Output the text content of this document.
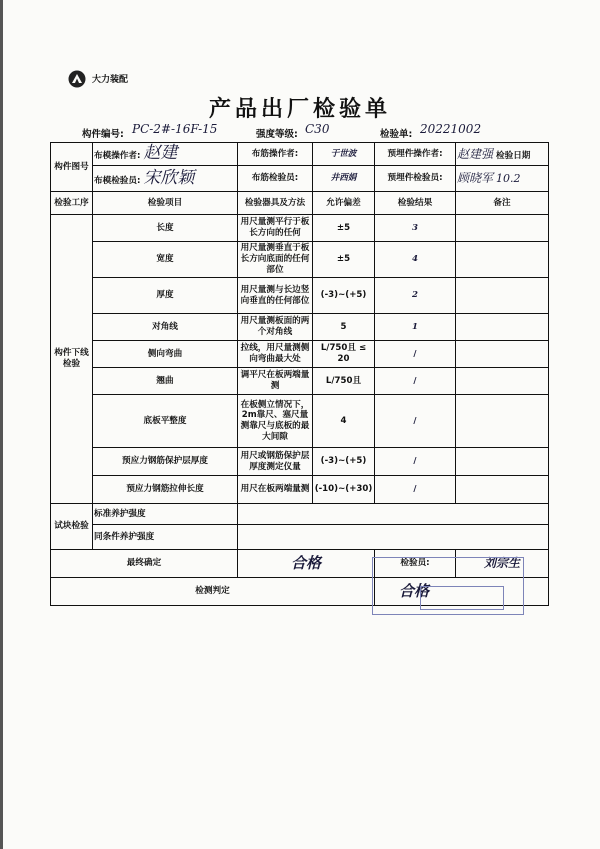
大力装配
产品出厂检验单
构件编号: PC-2#-16F-15	强度等级: C30	检验单: 20221002
构件图号	布模操作者: 赵建	布筋操作者:	于世波	预埋件操作者:	赵建强 检验日期
	布模检验员: 宋欣颖	布筋检验员:	井西娟	预埋件检验员:	顾晓军 10.2
检验工序	检验项目	检验器具及方法	允许偏差	检验结果	备注
构件下线检验	长度	用尺量测平行于板长方向的任何	±5	3	
	宽度	用尺量测垂直于板长方向底面的任何部位	±5	4	
	厚度	用尺量测与长边竖向垂直的任何部位	(-3)~(+5)	2	
	对角线	用尺量测板面的两个对角线	5	1	
	侧向弯曲	拉线，用尺量测侧向弯曲最大处	L/750且 ≤ 20	/	
	翘曲	调平尺在板两端量测	L/750且	/	
	底板平整度	在板侧立情况下，2m靠尺、塞尺量测靠尺与底板的最大间隙	4	/	
	预应力钢筋保护层厚度	用尺或钢筋保护层厚度测定仪量	(-3)~(+5)	/	
	预应力钢筋拉伸长度	用尺在板两端量测	(-10)~(+30)	/	
试块检验	标准养护强度				
	同条件养护强度				
最终确定		合格		检验员:	刘宗生
检测判定				合格	
